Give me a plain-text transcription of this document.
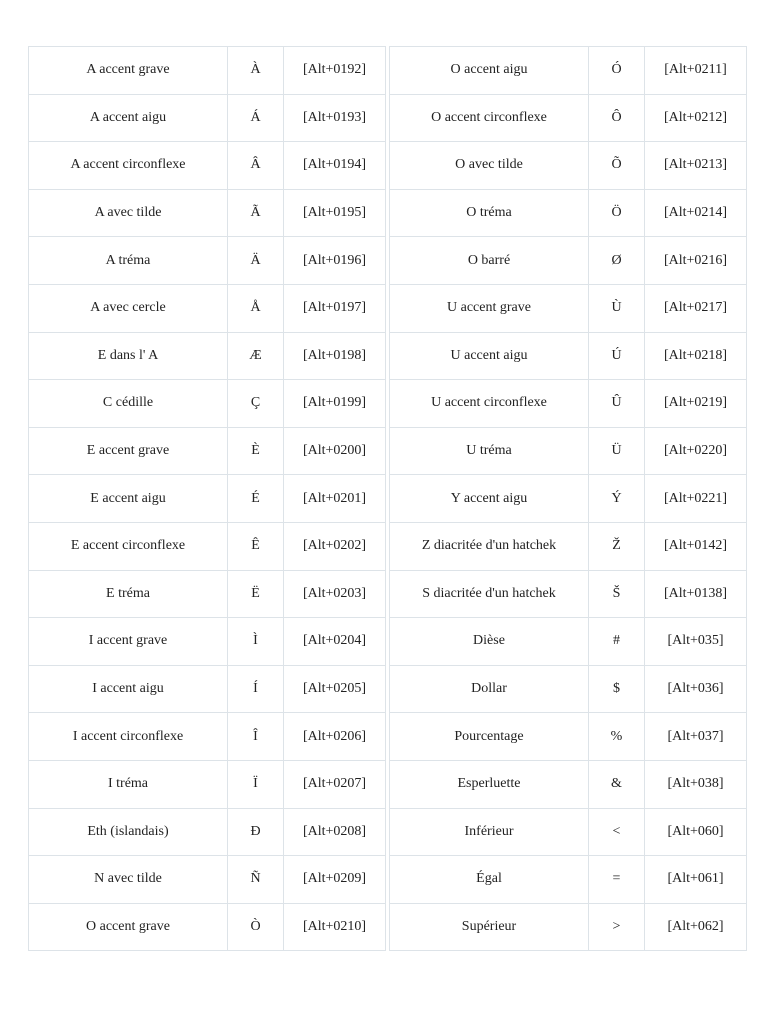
A accent grave	À	[Alt+0192]
A accent aigu	Á	[Alt+0193]
A accent circonflexe	Â	[Alt+0194]
A avec tilde	Ã	[Alt+0195]
A tréma	Ä	[Alt+0196]
A avec cercle	Å	[Alt+0197]
E dans l' A	Æ	[Alt+0198]
C cédille	Ç	[Alt+0199]
E accent grave	È	[Alt+0200]
E accent aigu	É	[Alt+0201]
E accent circonflexe	Ê	[Alt+0202]
E tréma	Ë	[Alt+0203]
I accent grave	Ì	[Alt+0204]
I accent aigu	Í	[Alt+0205]
I accent circonflexe	Î	[Alt+0206]
I tréma	Ï	[Alt+0207]
Eth (islandais)	Ð	[Alt+0208]
N avec tilde	Ñ	[Alt+0209]
O accent grave	Ò	[Alt+0210]
O accent aigu	Ó	[Alt+0211]
O accent circonflexe	Ô	[Alt+0212]
O avec tilde	Õ	[Alt+0213]
O tréma	Ö	[Alt+0214]
O barré	Ø	[Alt+0216]
U accent grave	Ù	[Alt+0217]
U accent aigu	Ú	[Alt+0218]
U accent circonflexe	Û	[Alt+0219]
U tréma	Ü	[Alt+0220]
Y accent aigu	Ý	[Alt+0221]
Z diacritée d'un hatchek	Ž	[Alt+0142]
S diacritée d'un hatchek	Š	[Alt+0138]
Dièse	#	[Alt+035]
Dollar	$	[Alt+036]
Pourcentage	%	[Alt+037]
Esperluette	&	[Alt+038]
Inférieur	<	[Alt+060]
Égal	=	[Alt+061]
Supérieur	>	[Alt+062]
